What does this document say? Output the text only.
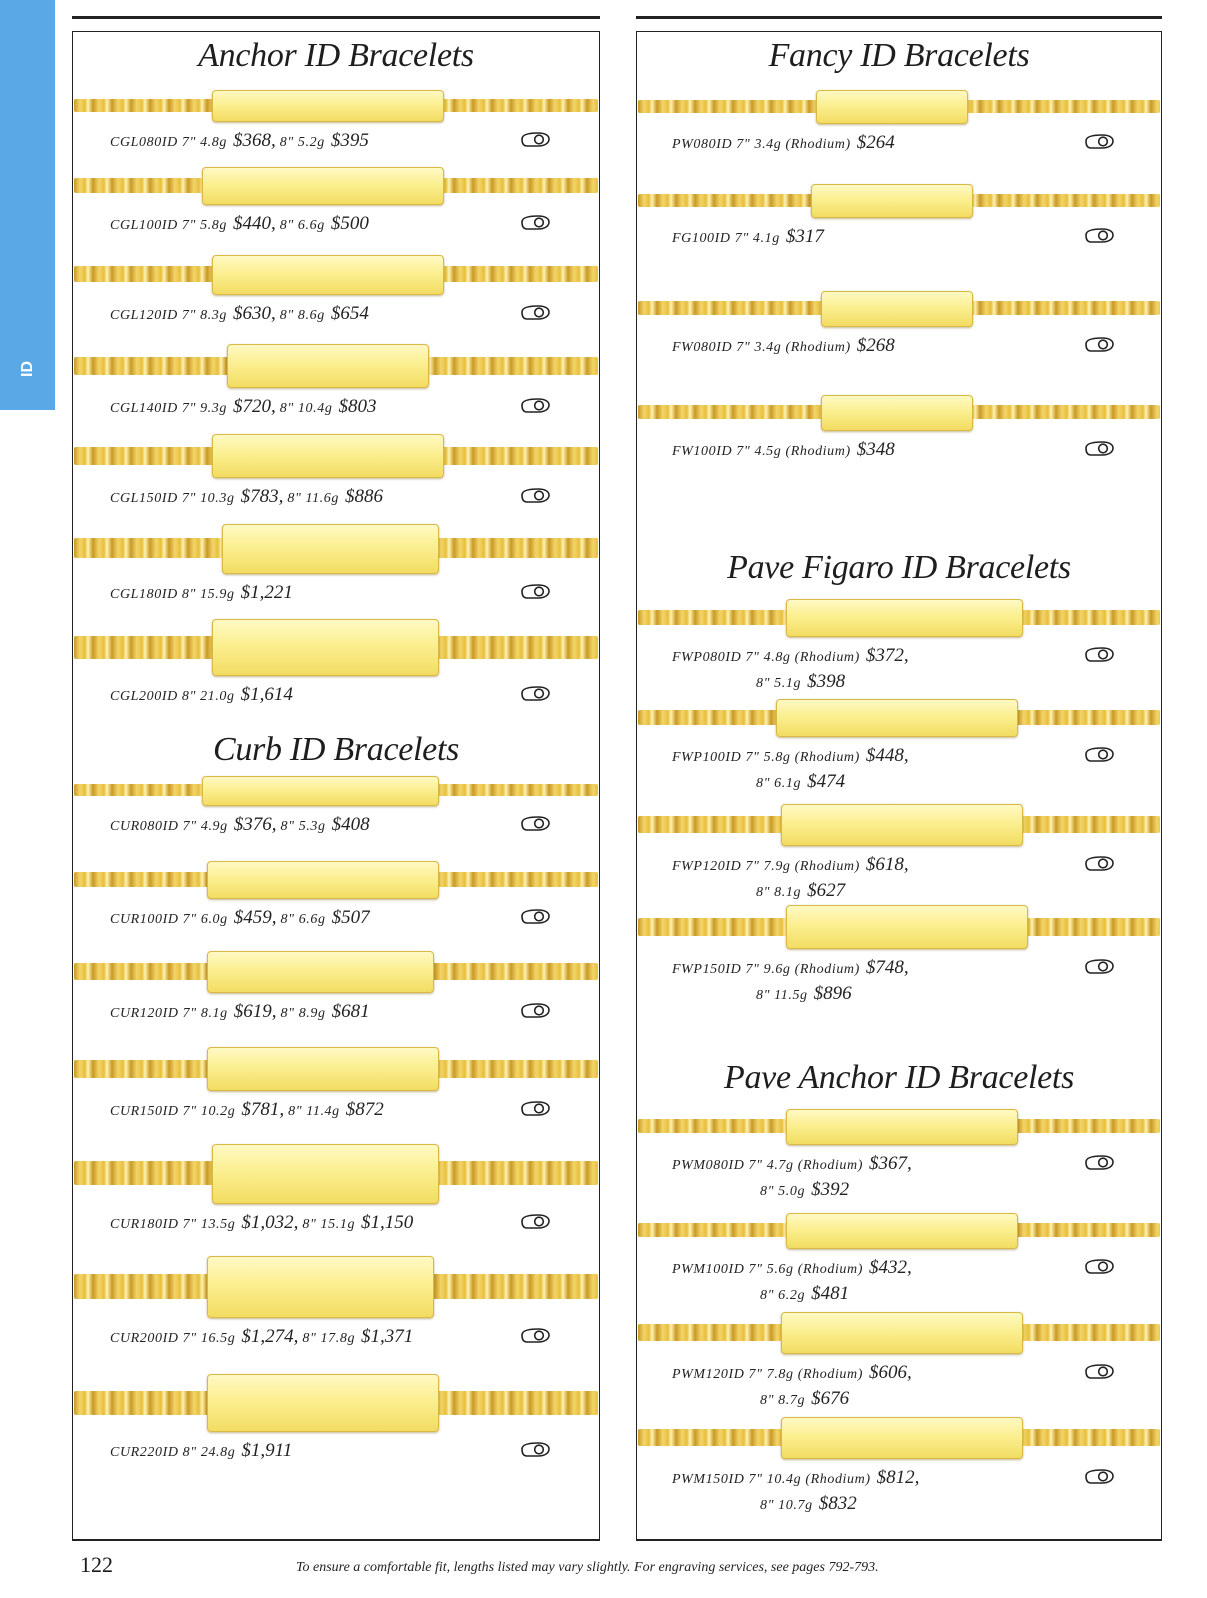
ID
Anchor ID Bracelets
CGL080ID 7" 4.8g $368, 8" 5.2g $395
CGL100ID 7" 5.8g $440, 8" 6.6g $500
CGL120ID 7" 8.3g $630, 8" 8.6g $654
CGL140ID 7" 9.3g $720, 8" 10.4g $803
CGL150ID 7" 10.3g $783, 8" 11.6g $886
CGL180ID 8" 15.9g $1,221
CGL200ID 8" 21.0g $1,614
Curb ID Bracelets
CUR080ID 7" 4.9g $376, 8" 5.3g $408
CUR100ID 7" 6.0g $459, 8" 6.6g $507
CUR120ID 7" 8.1g $619, 8" 8.9g $681
CUR150ID 7" 10.2g $781, 8" 11.4g $872
CUR180ID 7" 13.5g $1,032, 8" 15.1g $1,150
CUR200ID 7" 16.5g $1,274, 8" 17.8g $1,371
CUR220ID 8" 24.8g $1,911
Fancy ID Bracelets
PW080ID 7" 3.4g (Rhodium) $264
FG100ID 7" 4.1g $317
FW080ID 7" 3.4g (Rhodium) $268
FW100ID 7" 4.5g (Rhodium) $348
Pave Figaro ID Bracelets
FWP080ID 7" 4.8g (Rhodium) $372,
8" 5.1g $398
FWP100ID 7" 5.8g (Rhodium) $448,
8" 6.1g $474
FWP120ID 7" 7.9g (Rhodium) $618,
8" 8.1g $627
FWP150ID 7" 9.6g (Rhodium) $748,
8" 11.5g $896
Pave Anchor ID Bracelets
PWM080ID 7" 4.7g (Rhodium) $367,
8" 5.0g $392
PWM100ID 7" 5.6g (Rhodium) $432,
8" 6.2g $481
PWM120ID 7" 7.8g (Rhodium) $606,
8" 8.7g $676
PWM150ID 7" 10.4g (Rhodium) $812,
8" 10.7g $832
122	To ensure a comfortable fit, lengths listed may vary slightly. For engraving services, see pages 792-793.
